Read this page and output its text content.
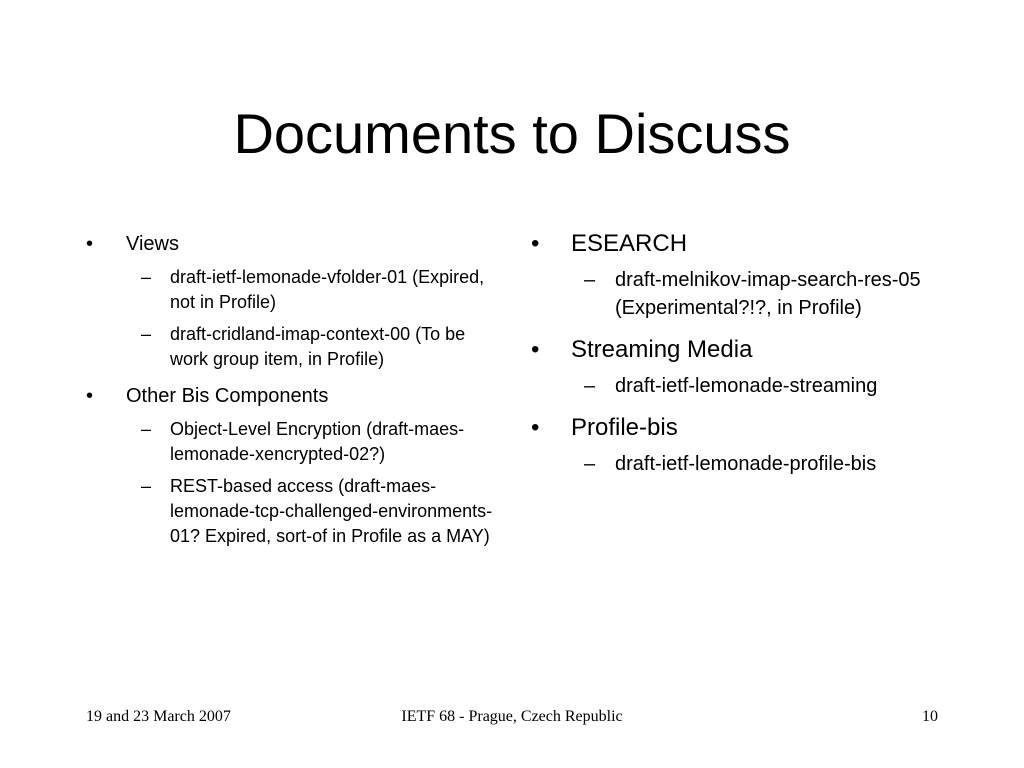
Documents to Discuss
•	Views
–	draft-ietf-lemonade-vfolder-01 (Expired, not in Profile)
–	draft-cridland-imap-context-00 (To be work group item, in Profile)
•	Other Bis Components
–	Object-Level Encryption (draft-maes-lemonade-xencrypted-02?)
–	REST-based access (draft-maes-lemonade-tcp-challenged-environments-01? Expired, sort-of in Profile as a MAY)
•	ESEARCH
– draft-melnikov-imap-search-res-05 (Experimental?!?, in Profile)
•	Streaming Media
– draft-ietf-lemonade-streaming
•	Profile-bis
– draft-ietf-lemonade-profile-bis
19 and 23 March 2007	IETF 68 - Prague, Czech Republic	10
